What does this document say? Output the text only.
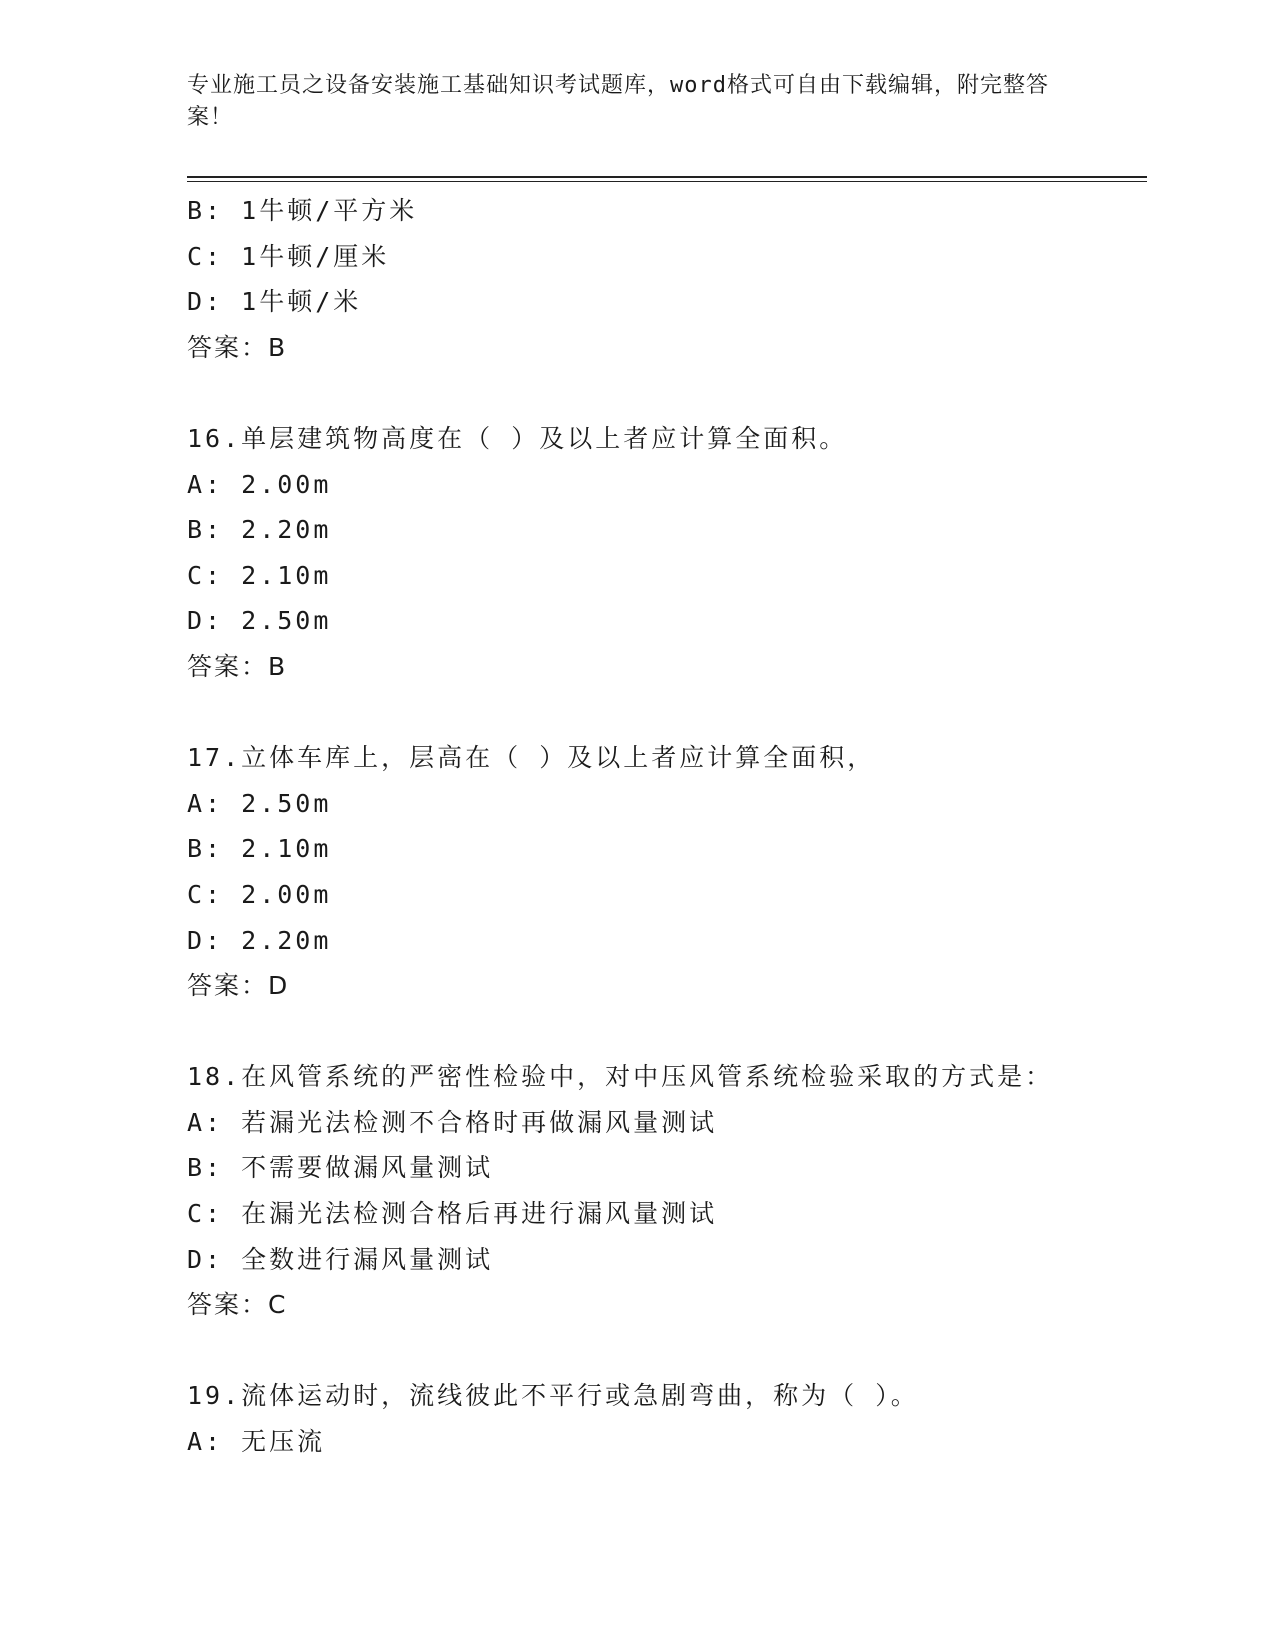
专业施工员之设备安装施工基础知识考试题库，word格式可自由下载编辑，附完整答案！
B: 1牛顿/平方米
C: 1牛顿/厘米
D: 1牛顿/米
答案：B
16.单层建筑物高度在（ ）及以上者应计算全面积。
A: 2.00m
B: 2.20m
C: 2.10m
D: 2.50m
答案：B
17.立体车库上，层高在（ ）及以上者应计算全面积，
A: 2.50m
B: 2.10m
C: 2.00m
D: 2.20m
答案：D
18.在风管系统的严密性检验中，对中压风管系统检验采取的方式是：
A: 若漏光法检测不合格时再做漏风量测试
B: 不需要做漏风量测试
C: 在漏光法检测合格后再进行漏风量测试
D: 全数进行漏风量测试
答案：C
19.流体运动时，流线彼此不平行或急剧弯曲，称为（ ）。
A: 无压流
